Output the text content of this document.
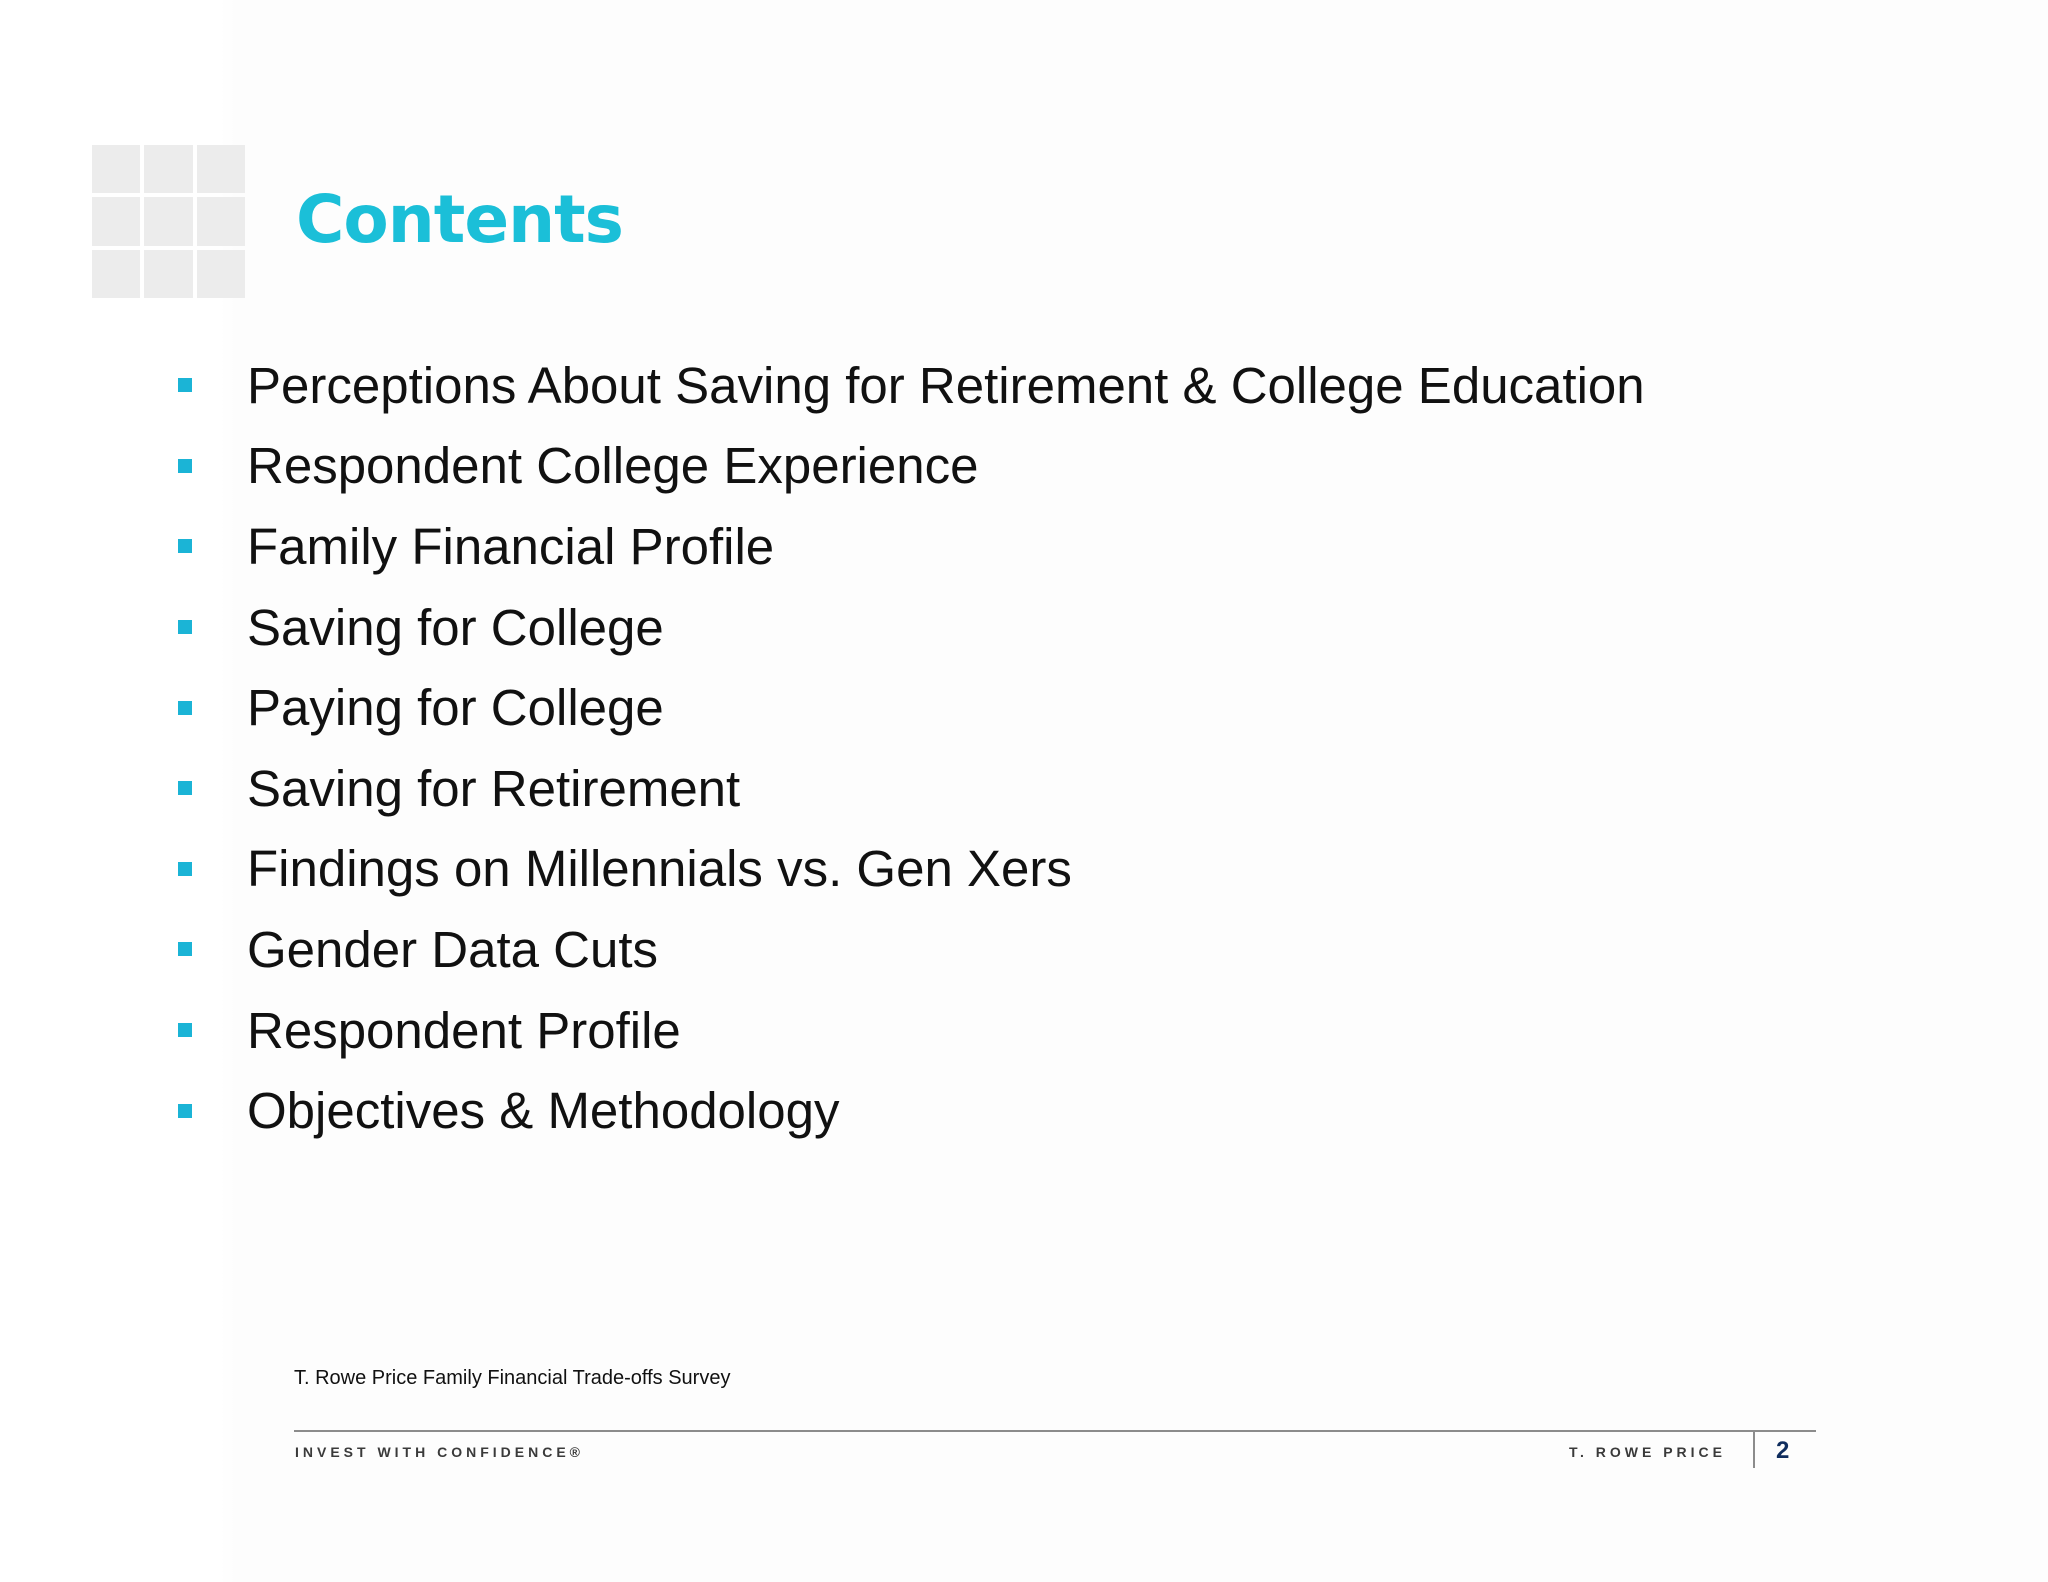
Contents
Perceptions About Saving for Retirement & College Education
Respondent College Experience
Family Financial Profile
Saving for College
Paying for College
Saving for Retirement
Findings on Millennials vs. Gen Xers
Gender Data Cuts
Respondent Profile
Objectives & Methodology
T. Rowe Price Family Financial Trade-offs Survey
INVEST WITH CONFIDENCE®	T. ROWE PRICE 2
